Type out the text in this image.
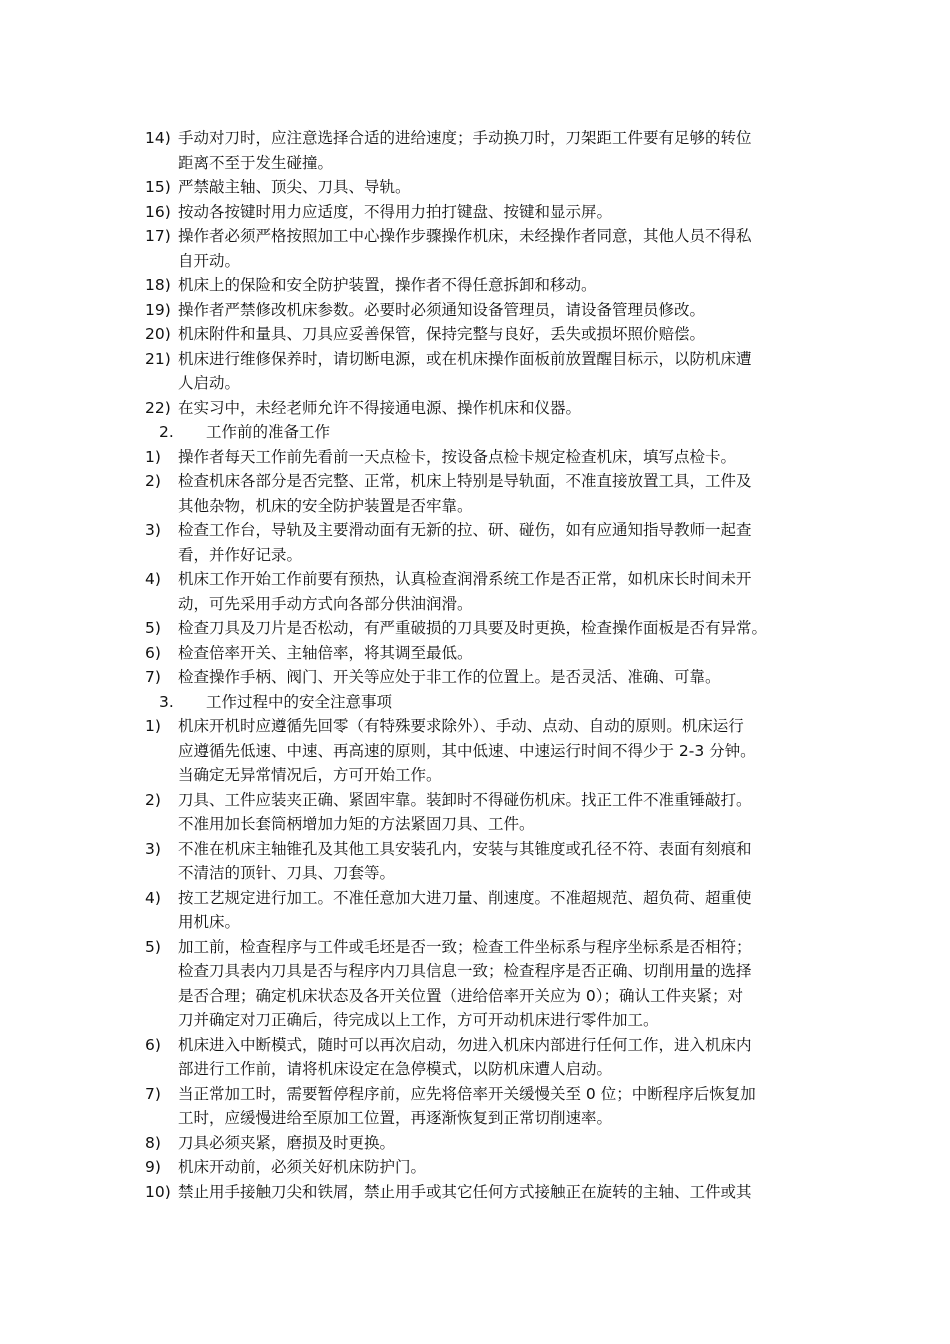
14) 手动对刀时，应注意选择合适的进给速度；手动换刀时，刀架距工件要有足够的转位
距离不至于发生碰撞。
15) 严禁敲主轴、顶尖、刀具、导轨。
16) 按动各按键时用力应适度，不得用力拍打键盘、按键和显示屏。
17) 操作者必须严格按照加工中心操作步骤操作机床，未经操作者同意，其他人员不得私
自开动。
18) 机床上的保险和安全防护装置，操作者不得任意拆卸和移动。
19) 操作者严禁修改机床参数。必要时必须通知设备管理员，请设备管理员修改。
20) 机床附件和量具、刀具应妥善保管，保持完整与良好，丢失或损坏照价赔偿。
21) 机床进行维修保养时，请切断电源，或在机床操作面板前放置醒目标示，以防机床遭
人启动。
22) 在实习中，未经老师允许不得接通电源、操作机床和仪器。
2. 工作前的准备工作
1)	操作者每天工作前先看前一天点检卡，按设备点检卡规定检查机床，填写点检卡。
2)	检查机床各部分是否完整、正常，机床上特别是导轨面，不准直接放置工具，工件及
其他杂物，机床的安全防护装置是否牢靠。
3)	检查工作台，导轨及主要滑动面有无新的拉、研、碰伤，如有应通知指导教师一起查
看，并作好记录。
4)	机床工作开始工作前要有预热，认真检查润滑系统工作是否正常，如机床长时间未开
动，可先采用手动方式向各部分供油润滑。
5)	检查刀具及刀片是否松动，有严重破损的刀具要及时更换，检查操作面板是否有异常。
6)	检查倍率开关、主轴倍率，将其调至最低。
7)	检查操作手柄、阀门、开关等应处于非工作的位置上。是否灵活、准确、可靠。
3. 工作过程中的安全注意事项
1)	机床开机时应遵循先回零（有特殊要求除外）、手动、点动、自动的原则。机床运行
应遵循先低速、中速、再高速的原则，其中低速、中速运行时间不得少于 2-3 分钟。
当确定无异常情况后，方可开始工作。
2)	刀具、工件应装夹正确、紧固牢靠。装卸时不得碰伤机床。找正工件不准重锤敲打。
不准用加长套筒柄增加力矩的方法紧固刀具、工件。
3)	不准在机床主轴锥孔及其他工具安装孔内，安装与其锥度或孔径不符、表面有刻痕和
不清洁的顶针、刀具、刀套等。
4)	按工艺规定进行加工。不准任意加大进刀量、削速度。不准超规范、超负荷、超重使
用机床。
5)	加工前，检查程序与工件或毛坯是否一致；检查工件坐标系与程序坐标系是否相符；
检查刀具表内刀具是否与程序内刀具信息一致；检查程序是否正确、切削用量的选择
是否合理；确定机床状态及各开关位置（进给倍率开关应为 0）；确认工件夹紧；对
刀并确定对刀正确后，待完成以上工作，方可开动机床进行零件加工。
6)	机床进入中断模式，随时可以再次启动，勿进入机床内部进行任何工作，进入机床内
部进行工作前，请将机床设定在急停模式，以防机床遭人启动。
7)	当正常加工时，需要暂停程序前，应先将倍率开关缓慢关至 0 位；中断程序后恢复加
工时，应缓慢进给至原加工位置，再逐渐恢复到正常切削速率。
8)	刀具必须夹紧，磨损及时更换。
9)	机床开动前，必须关好机床防护门。
10) 禁止用手接触刀尖和铁屑，禁止用手或其它任何方式接触正在旋转的主轴、工件或其
